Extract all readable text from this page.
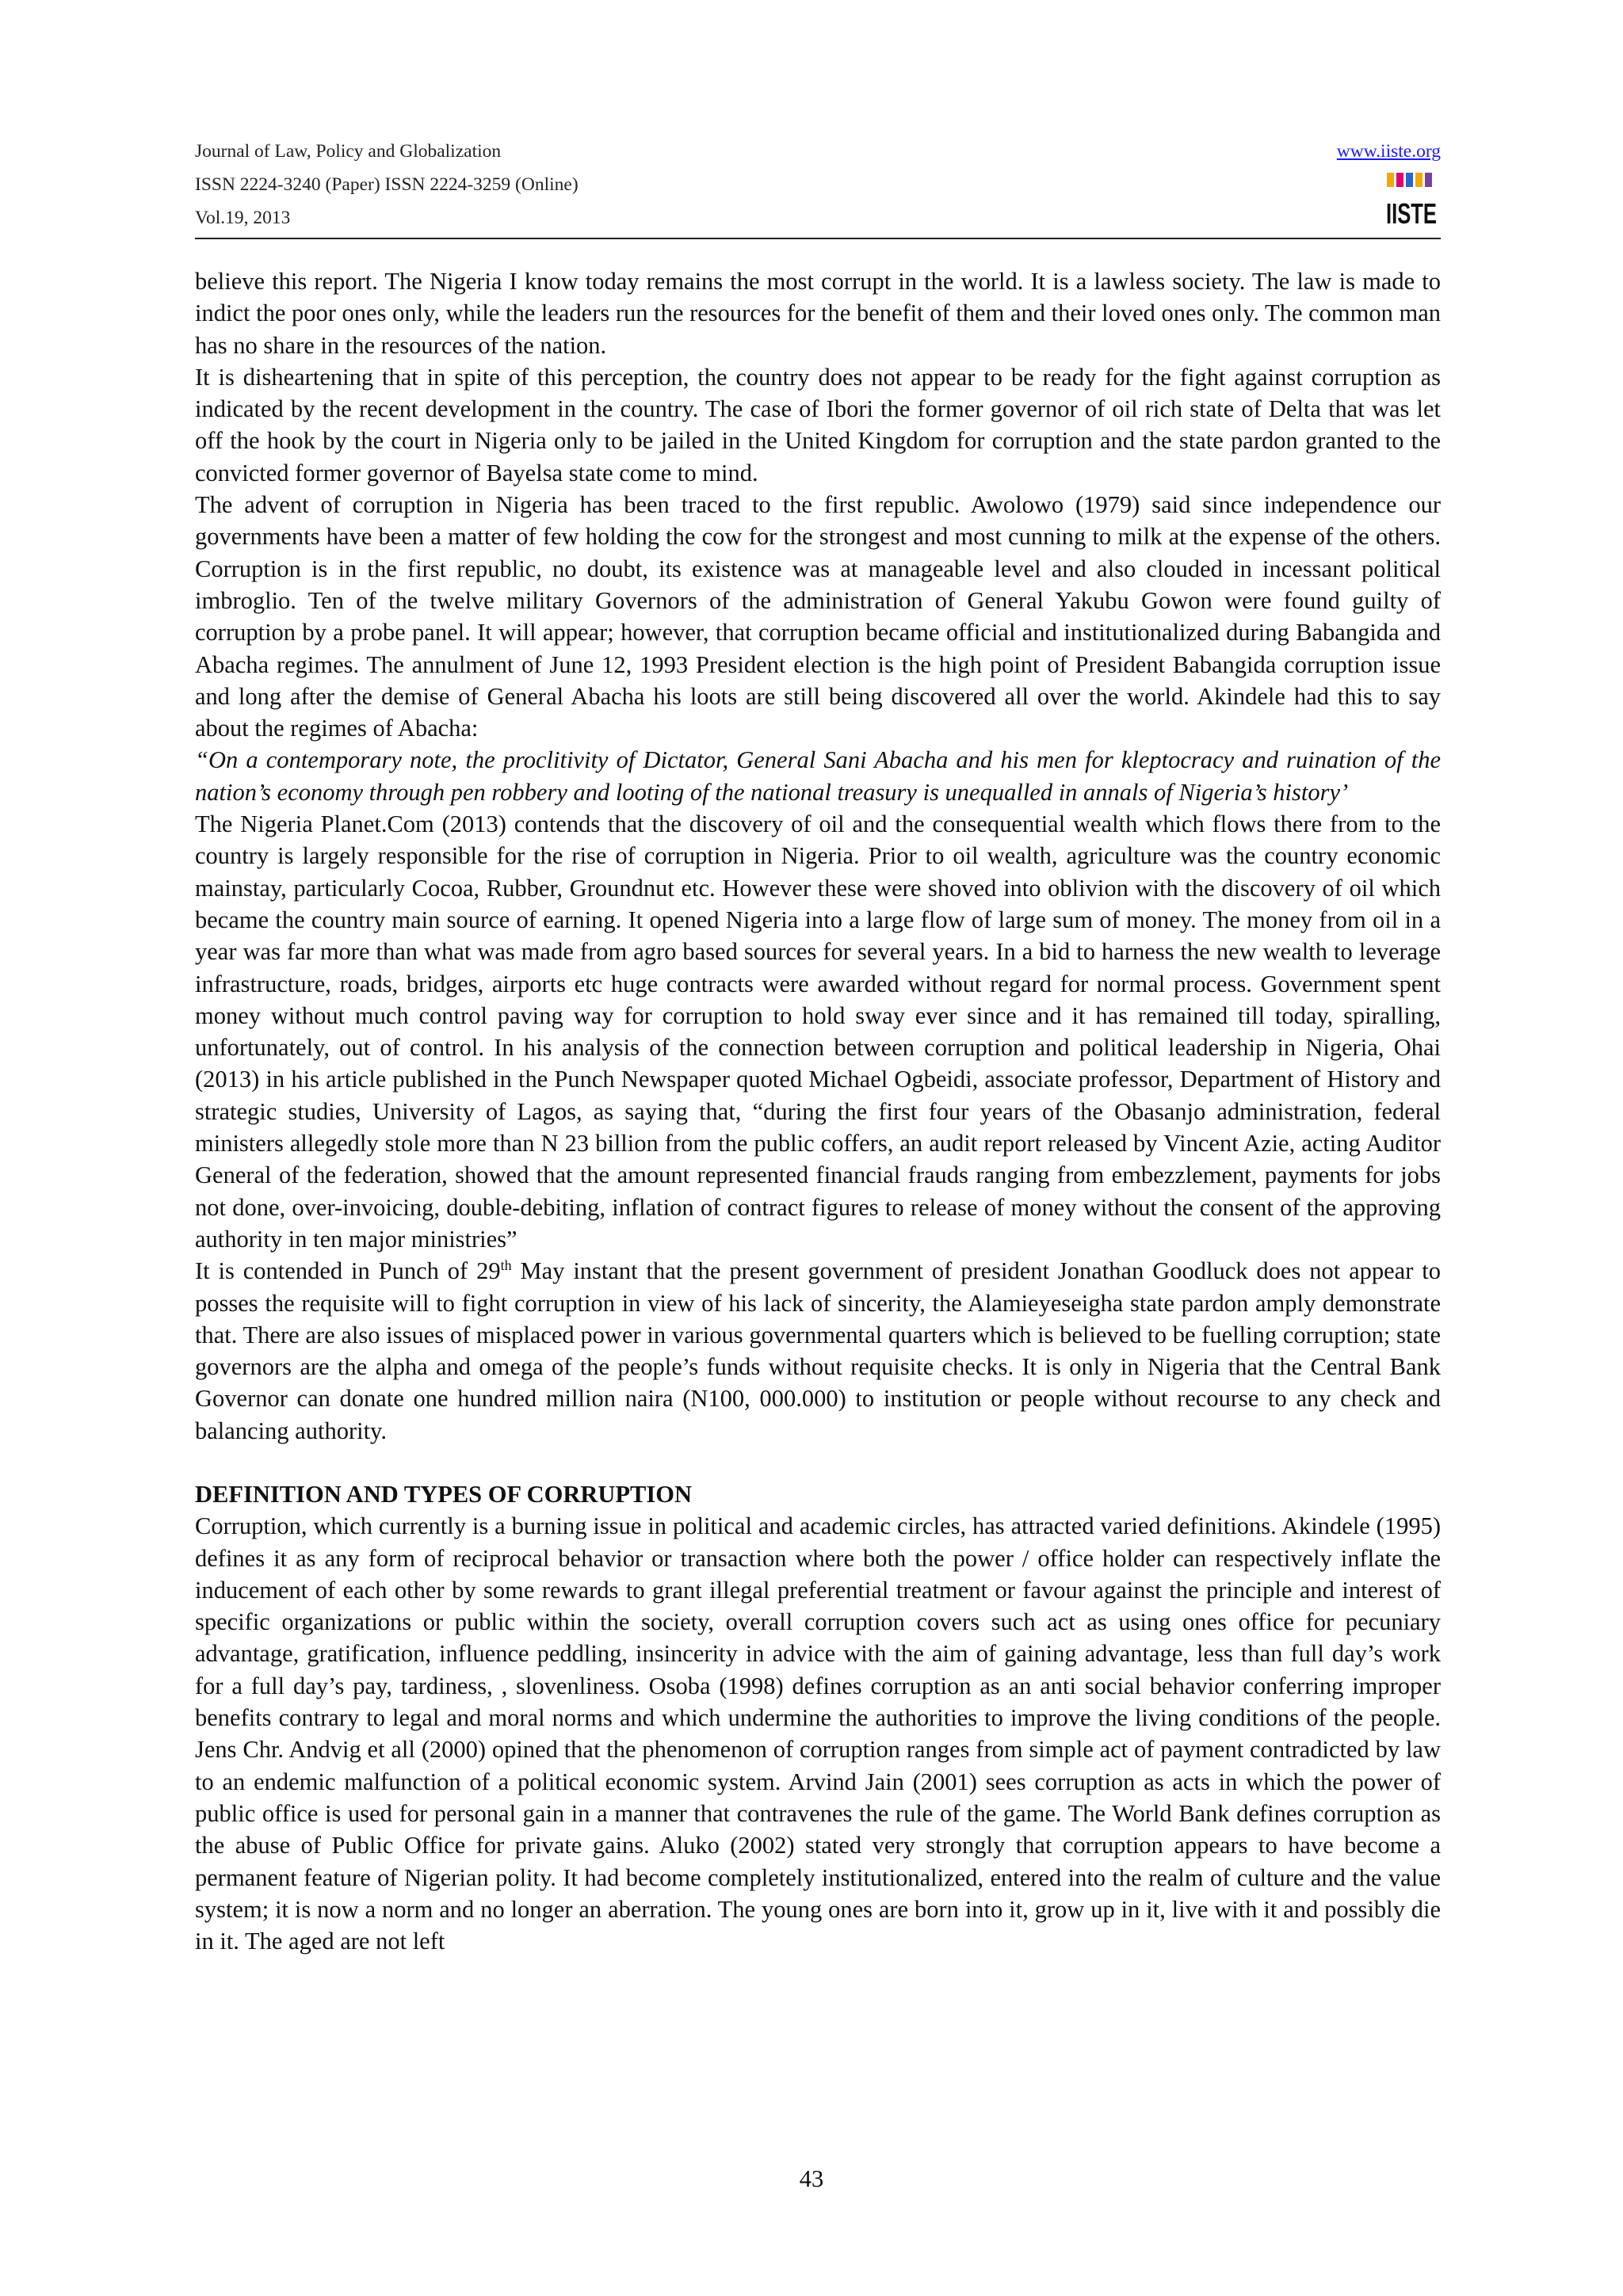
Journal of Law, Policy and Globalization
ISSN 2224-3240 (Paper) ISSN 2224-3259 (Online)
Vol.19, 2013
www.iiste.org
IISTE

believe this report. The Nigeria I know today remains the most corrupt in the world. It is a lawless society. The law is made to indict the poor ones only, while the leaders run the resources for the benefit of them and their loved ones only. The common man has no share in the resources of the nation.

It is disheartening that in spite of this perception, the country does not appear to be ready for the fight against corruption as indicated by the recent development in the country. The case of Ibori the former governor of oil rich state of Delta that was let off the hook by the court in Nigeria only to be jailed in the United Kingdom for corruption and the state pardon granted to the convicted former governor of Bayelsa state come to mind.

The advent of corruption in Nigeria has been traced to the first republic. Awolowo (1979) said since independence our governments have been a matter of few holding the cow for the strongest and most cunning to milk at the expense of the others. Corruption is in the first republic, no doubt, its existence was at manageable level and also clouded in incessant political imbroglio. Ten of the twelve military Governors of the administration of General Yakubu Gowon were found guilty of corruption by a probe panel. It will appear; however, that corruption became official and institutionalized during Babangida and Abacha regimes. The annulment of June 12, 1993 President election is the high point of President Babangida corruption issue and long after the demise of General Abacha his loots are still being discovered all over the world. Akindele had this to say about the regimes of Abacha:

“On a contemporary note, the proclitivity of Dictator, General Sani Abacha and his men for kleptocracy and ruination of the nation’s economy through pen robbery and looting of the national treasury is unequalled in annals of Nigeria’s history’

The Nigeria Planet.Com (2013) contends that the discovery of oil and the consequential wealth which flows there from to the country is largely responsible for the rise of corruption in Nigeria. Prior to oil wealth, agriculture was the country economic mainstay, particularly Cocoa, Rubber, Groundnut etc. However these were shoved into oblivion with the discovery of oil which became the country main source of earning. It opened Nigeria into a large flow of large sum of money. The money from oil in a year was far more than what was made from agro based sources for several years. In a bid to harness the new wealth to leverage infrastructure, roads, bridges, airports etc huge contracts were awarded without regard for normal process. Government spent money without much control paving way for corruption to hold sway ever since and it has remained till today, spiralling, unfortunately, out of control. In his analysis of the connection between corruption and political leadership in Nigeria, Ohai (2013) in his article published in the Punch Newspaper quoted Michael Ogbeidi, associate professor, Department of History and strategic studies, University of Lagos, as saying that, “during the first four years of the Obasanjo administration, federal ministers allegedly stole more than N 23 billion from the public coffers, an audit report released by Vincent Azie, acting Auditor General of the federation, showed that the amount represented financial frauds ranging from embezzlement, payments for jobs not done, over-invoicing, double-debiting, inflation of contract figures to release of money without the consent of the approving authority in ten major ministries”

It is contended in Punch of 29th May instant that the present government of president Jonathan Goodluck does not appear to posses the requisite will to fight corruption in view of his lack of sincerity, the Alamieyeseigha state pardon amply demonstrate that. There are also issues of misplaced power in various governmental quarters which is believed to be fuelling corruption; state governors are the alpha and omega of the people’s funds without requisite checks. It is only in Nigeria that the Central Bank Governor can donate one hundred million naira (N100, 000.000) to institution or people without recourse to any check and balancing authority.

DEFINITION AND TYPES OF CORRUPTION

Corruption, which currently is a burning issue in political and academic circles, has attracted varied definitions. Akindele (1995) defines it as any form of reciprocal behavior or transaction where both the power / office holder can respectively inflate the inducement of each other by some rewards to grant illegal preferential treatment or favour against the principle and interest of specific organizations or public within the society, overall corruption covers such act as using ones office for pecuniary advantage, gratification, influence peddling, insincerity in advice with the aim of gaining advantage, less than full day’s work for a full day’s pay, tardiness, , slovenliness. Osoba (1998) defines corruption as an anti social behavior conferring improper benefits contrary to legal and moral norms and which undermine the authorities to improve the living conditions of the people. Jens Chr. Andvig et all (2000) opined that the phenomenon of corruption ranges from simple act of payment contradicted by law to an endemic malfunction of a political economic system. Arvind Jain (2001) sees corruption as acts in which the power of public office is used for personal gain in a manner that contravenes the rule of the game. The World Bank defines corruption as the abuse of Public Office for private gains. Aluko (2002) stated very strongly that corruption appears to have become a permanent feature of Nigerian polity. It had become completely institutionalized, entered into the realm of culture and the value system; it is now a norm and no longer an aberration. The young ones are born into it, grow up in it, live with it and possibly die in it. The aged are not left

43
